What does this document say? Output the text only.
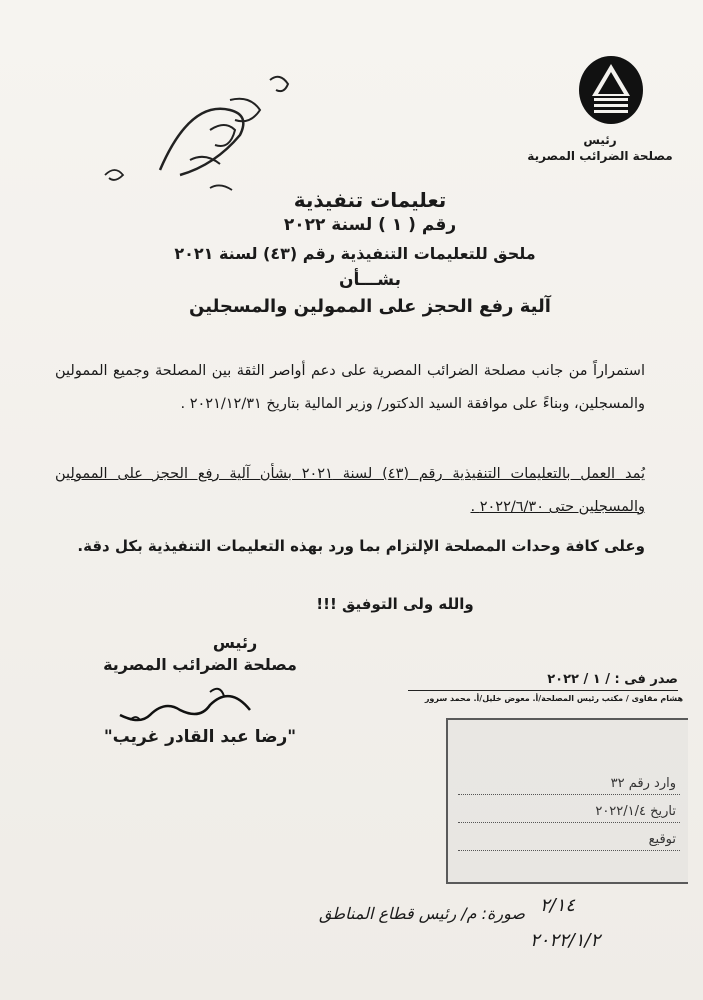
رئيس
مصلحة الضرائب المصرية
تعليمات تنفيذية
رقم ( ١ ) لسنة ٢٠٢٢
ملحق للتعليمات التنفيذية رقم (٤٣) لسنة ٢٠٢١
بشـــأن
آلية رفع الحجز على الممولين والمسجلين
استمراراً من جانب مصلحة الضرائب المصرية على دعم أواصر الثقة بين المصلحة وجميع الممولين والمسجلين، وبناءً على موافقة السيد الدكتور/ وزير المالية بتاريخ ٢٠٢١/١٢/٣١ .
يُمد العمل بالتعليمات التنفيذية رقم (٤٣) لسنة ٢٠٢١ بشأن آلية رفع الحجز على الممولين والمسجلين حتى ٢٠٢٢/٦/٣٠ .
وعلى كافة وحدات المصلحة الإلتزام بما ورد بهذه التعليمات التنفيذية بكل دقة.
والله ولى التوفيق !!!
رئيس
مصلحة الضرائب المصرية
"رضا عبد القادر غريب"
صدر فى : / ١ / ٢٠٢٢
هشام مقاوى / مكتب رئيس المصلحة/أ. معوض خليل/أ. محمد سرور
وارد رقم ٣٢
تاريخ ٢٠٢٢/١/٤
توقيع
صورة: م/ رئيس قطاع المناطق ٢/١٤
٢٠٢٢/١/٢
